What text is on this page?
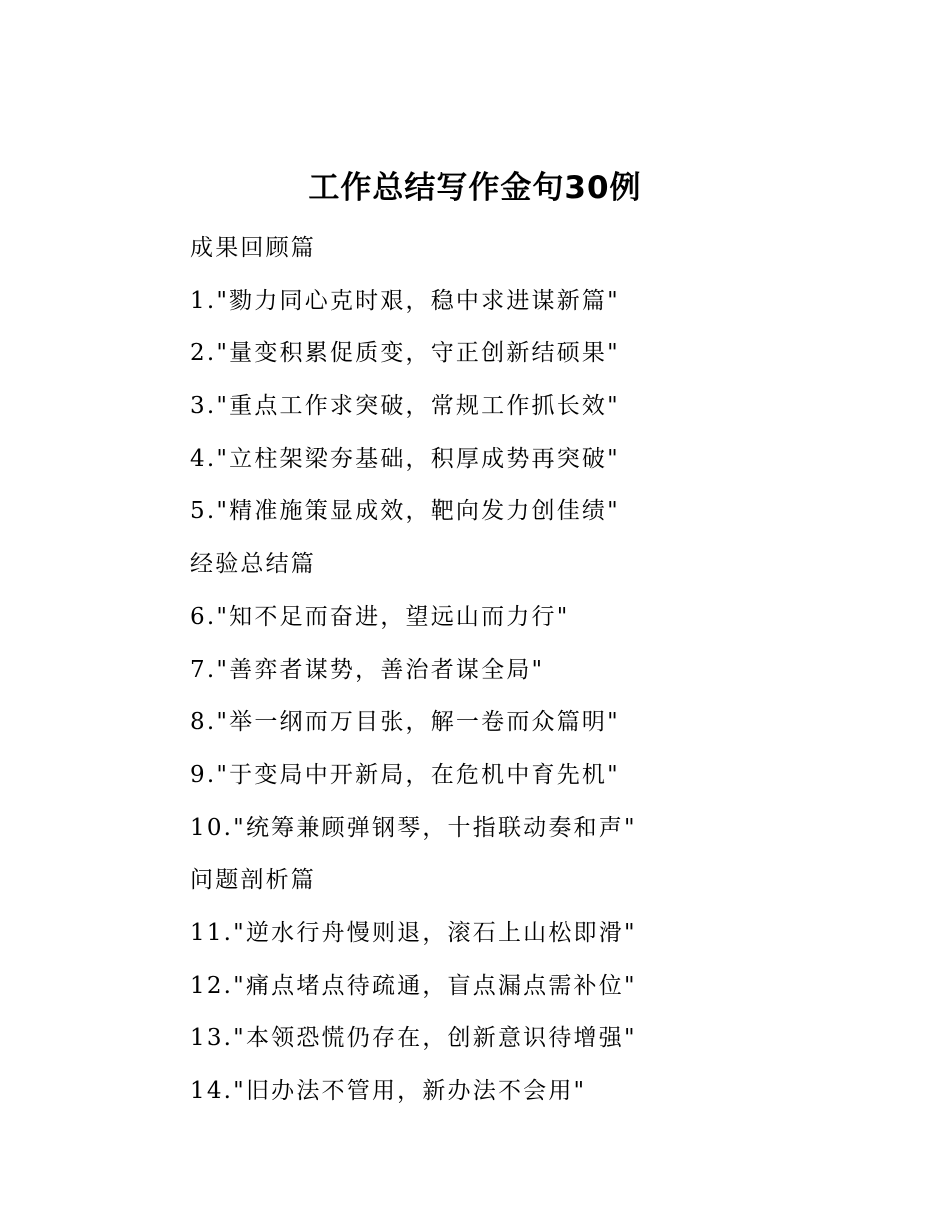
工作总结写作金句30例
成果回顾篇
1."勠力同心克时艰，稳中求进谋新篇"
2."量变积累促质变，守正创新结硕果"
3."重点工作求突破，常规工作抓长效"
4."立柱架梁夯基础，积厚成势再突破"
5."精准施策显成效，靶向发力创佳绩"
经验总结篇
6."知不足而奋进，望远山而力行"
7."善弈者谋势，善治者谋全局"
8."举一纲而万目张，解一卷而众篇明"
9."于变局中开新局，在危机中育先机"
10."统筹兼顾弹钢琴，十指联动奏和声"
问题剖析篇
11."逆水行舟慢则退，滚石上山松即滑"
12."痛点堵点待疏通，盲点漏点需补位"
13."本领恐慌仍存在，创新意识待增强"
14."旧办法不管用，新办法不会用"
